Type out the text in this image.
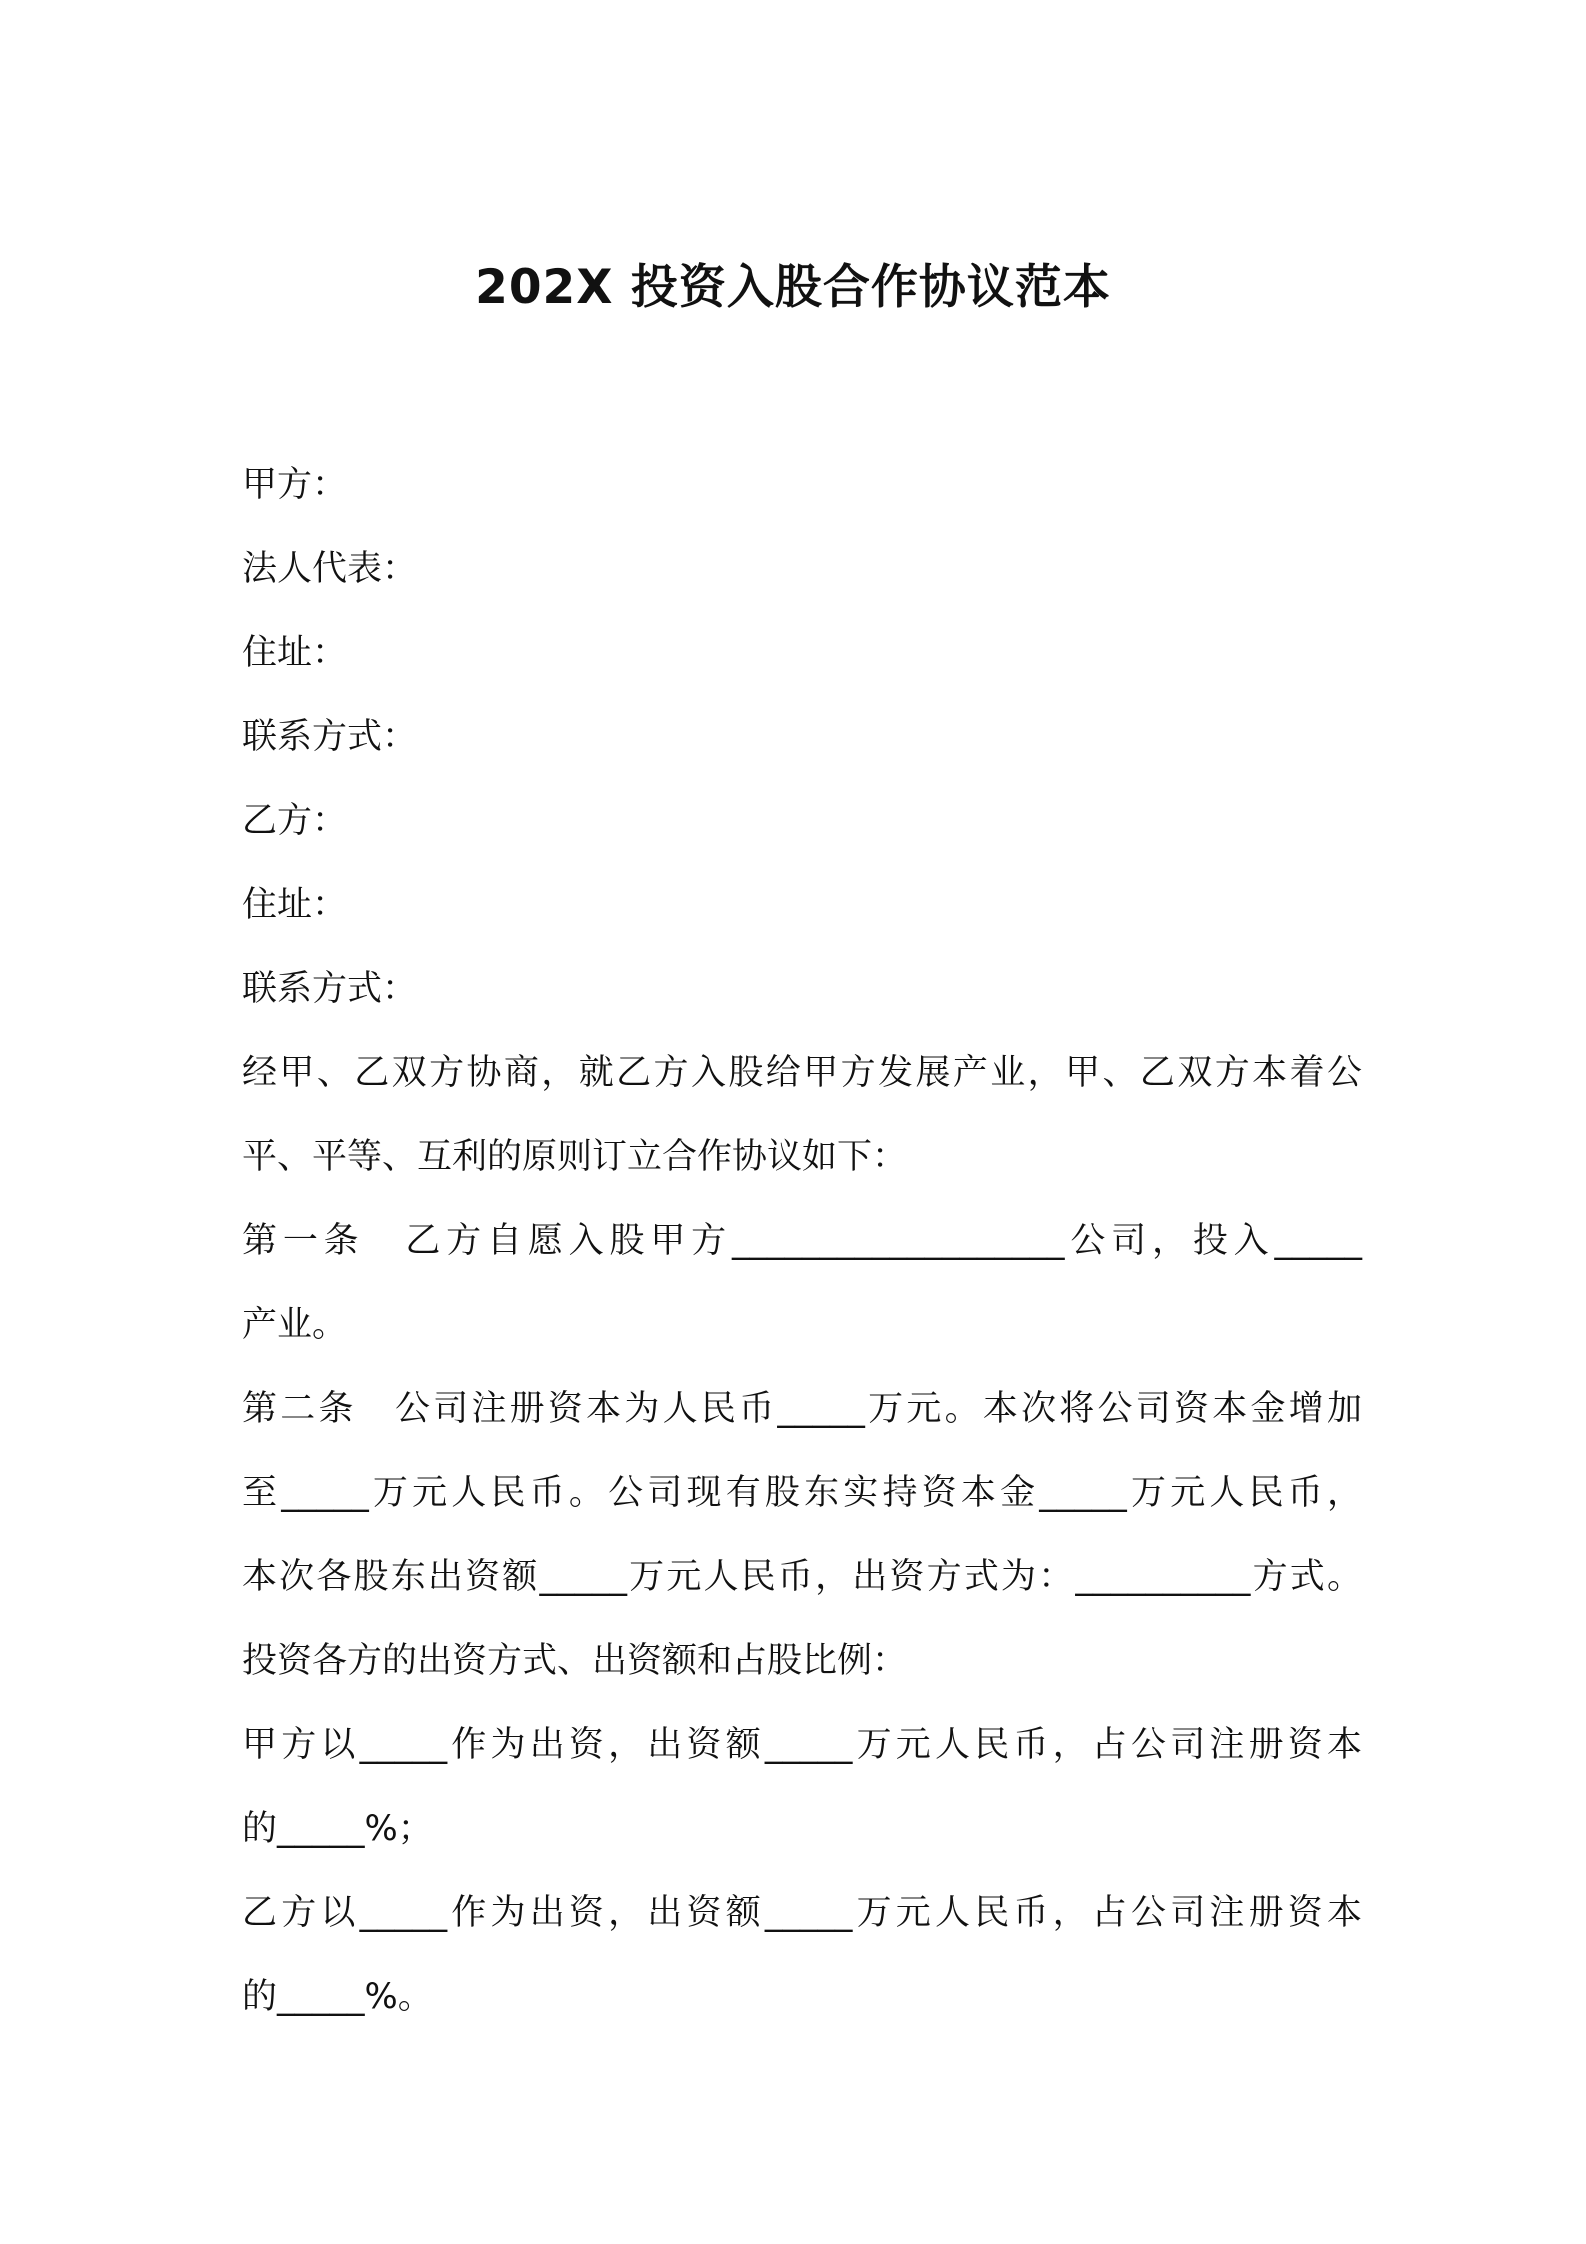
202X 投资入股合作协议范本
甲方：
法人代表：
住址：
联系方式：
乙方：
住址：
联系方式：
经甲、乙双方协商，就乙方入股给甲方发展产业，甲、乙双方本着公
平、平等、互利的原则订立合作协议如下：
第一条　乙方自愿入股甲方___________________公司，投入_____
产业。
第二条　公司注册资本为人民币_____万元。本次将公司资本金增加
至_____万元人民币。公司现有股东实持资本金_____万元人民币，
本次各股东出资额_____万元人民币，出资方式为：__________方式。
投资各方的出资方式、出资额和占股比例：
甲方以_____作为出资，出资额_____万元人民币，占公司注册资本
的_____%；
乙方以_____作为出资，出资额_____万元人民币，占公司注册资本
的_____%。
